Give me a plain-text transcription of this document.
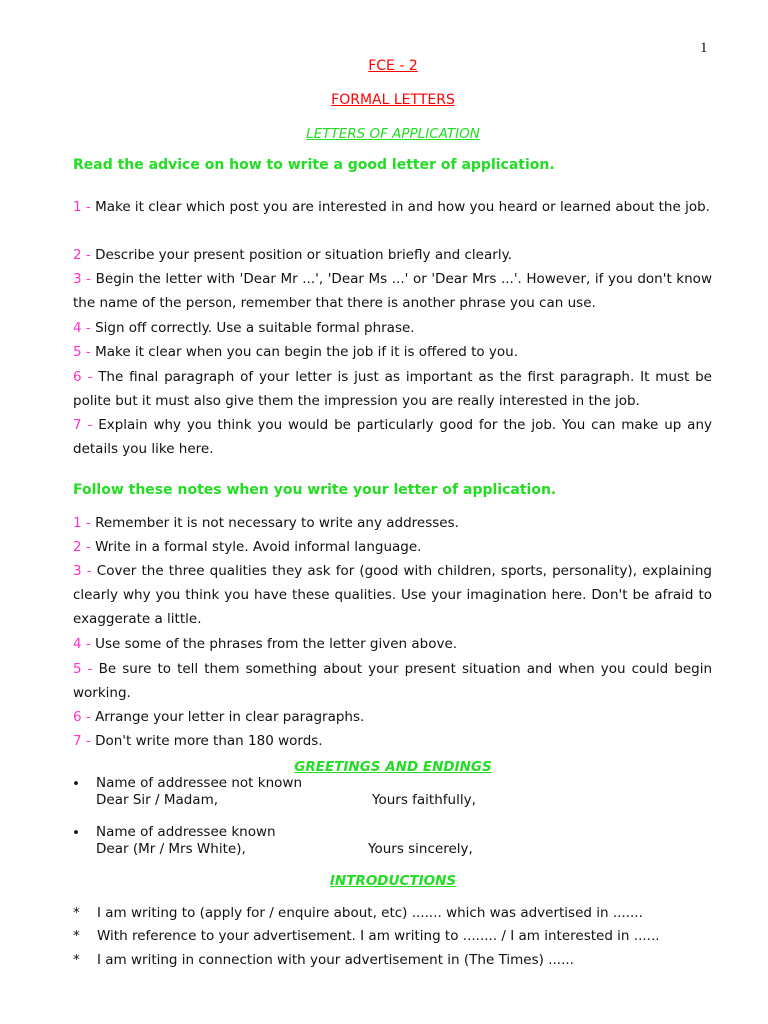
1
FCE - 2
FORMAL LETTERS
LETTERS OF APPLICATION
Read the advice on how to write a good letter of application.
1 - Make it clear which post you are interested in and how you heard or learned about the job.
2 - Describe your present position or situation briefly and clearly.
3 - Begin the letter with 'Dear Mr ...', 'Dear Ms ...' or 'Dear Mrs ...'. However, if you don't know the name of the person, remember that there is another phrase you can use.
4 - Sign off correctly. Use a suitable formal phrase.
5 - Make it clear when you can begin the job if it is offered to you.
6 - The final paragraph of your letter is just as important as the first paragraph. It must be polite but it must also give them the impression you are really interested in the job.
7 - Explain why you think you would be particularly good for the job. You can make up any details you like here.
Follow these notes when you write your letter of application.
1 - Remember it is not necessary to write any addresses.
2 - Write in a formal style. Avoid informal language.
3 - Cover the three qualities they ask for (good with children, sports, personality), explaining clearly why you think you have these qualities. Use your imagination here. Don't be afraid to exaggerate a little.
4 - Use some of the phrases from the letter given above.
5 - Be sure to tell them something about your present situation and when you could begin working.
6 - Arrange your letter in clear paragraphs.
7 - Don't write more than 180 words.
GREETINGS AND ENDINGS
• Name of addressee not known
Dear Sir / Madam,	Yours faithfully,
• Name of addressee known
Dear (Mr / Mrs White),	Yours sincerely,
INTRODUCTIONS
* I am writing to (apply for / enquire about, etc) ....... which was advertised in .......
* With reference to your advertisement. I am writing to ........ / I am interested in ......
* I am writing in connection with your advertisement in (The Times) ......
